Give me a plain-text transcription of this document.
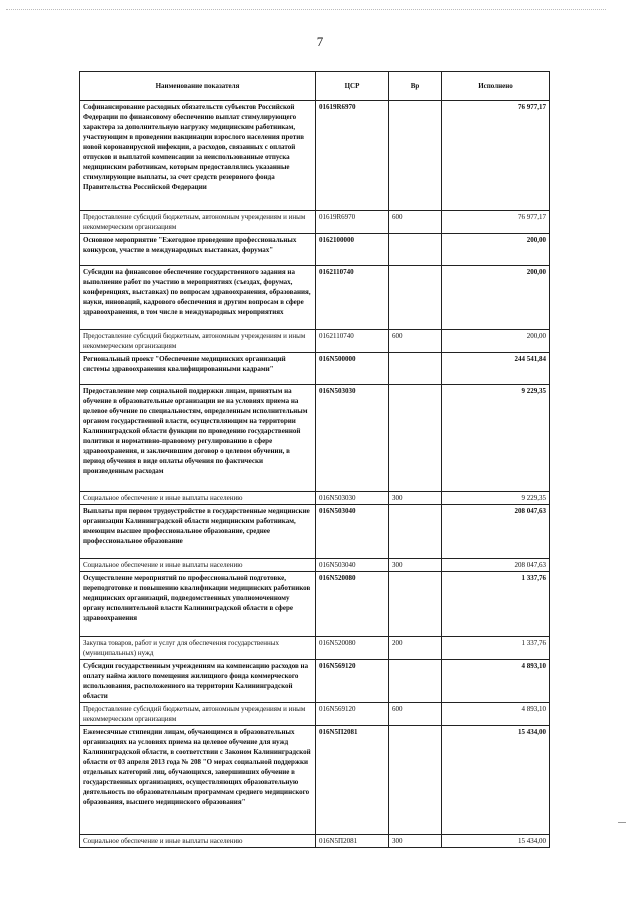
7
Наименование показателя	ЦСР	Вр	Исполнено
Софинансирование расходных обязательств субъектов Российской Федерации по финансовому обеспечению выплат стимулирующего характера за дополнительную нагрузку медицинским работникам, участвующим в проведении вакцинации взрослого населения против новой коронавирусной инфекции, а расходов, связанных с оплатой отпусков и выплатой компенсации за неиспользованные отпуска медицинским работникам, которым предоставлялись указанные стимулирующие выплаты, за счет средств резервного фонда Правительства Российской Федерации	01619R6970		76 977,17
Предоставление субсидий бюджетным, автономным учреждениям и иным некоммерческим организациям	01619R6970	600	76 977,17
Основное мероприятие "Ежегодное проведение профессиональных конкурсов, участие в международных выставках, форумах"	0162100000		200,00
Субсидии на финансовое обеспечение государственного задания на выполнение работ по участию в мероприятиях (съездах, форумах, конференциях, выставках) по вопросам здравоохранения, образования, науки, инноваций, кадрового обеспечения и другим вопросам в сфере здравоохранения, в том числе в международных мероприятиях	0162110740		200,00
Предоставление субсидий бюджетным, автономным учреждениям и иным некоммерческим организациям	0162110740	600	200,00
Региональный проект "Обеспечение медицинских организаций системы здравоохранения квалифицированными кадрами"	016N500000		244 541,84
Предоставление мер социальной поддержки лицам, принятым на обучение в образовательные организации не на условиях приема на целевое обучение по специальностям, определенным исполнительным органом государственной власти, осуществляющим на территории Калининградской области функции по проведению государственной политики и нормативно-правовому регулированию в сфере здравоохранения, и заключившим договор о целевом обучении, в период обучения в виде оплаты обучения по фактически произведенным расходам	016N503030		9 229,35
Социальное обеспечение и иные выплаты населению	016N503030	300	9 229,35
Выплаты при первом трудоустройстве в государственные медицинские организации Калининградской области медицинским работникам, имеющим высшее профессиональное образование, среднее профессиональное образование	016N503040		208 047,63
Социальное обеспечение и иные выплаты населению	016N503040	300	208 047,63
Осуществление мероприятий по профессиональной подготовке, переподготовке и повышению квалификации медицинских работников медицинских организаций, подведомственных уполномоченному органу исполнительной власти Калининградской области в сфере здравоохранения	016N520080		1 337,76
Закупка товаров, работ и услуг для обеспечения государственных (муниципальных) нужд	016N520080	200	1 337,76
Субсидии государственным учреждениям на компенсацию расходов на оплату найма жилого помещения жилищного фонда коммерческого использования, расположенного на территории Калининградской области	016N569120		4 893,10
Предоставление субсидий бюджетным, автономным учреждениям и иным некоммерческим организациям	016N569120	600	4 893,10
Ежемесячные стипендии лицам, обучающимся в образовательных организациях на условиях приема на целевое обучение для нужд Калининградской области, в соответствии с Законом Калининградской области от 03 апреля 2013 года № 208 "О мерах социальной поддержки отдельных категорий лиц, обучающихся, завершивших обучение в государственных организациях, осуществляющих образовательную деятельность по образовательным программам среднего медицинского образования, высшего медицинского образования"	016N5П2081		15 434,00
Социальное обеспечение и иные выплаты населению	016N5П2081	300	15 434,00
